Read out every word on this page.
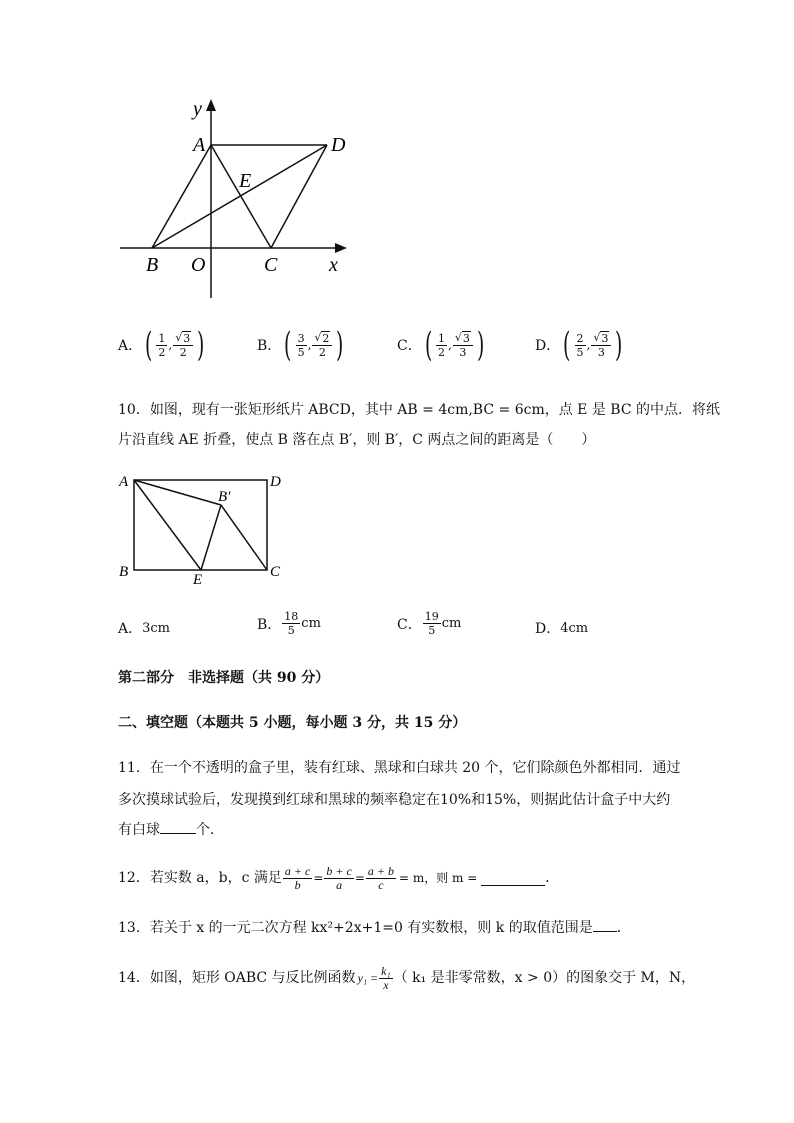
y
A	D
E
B O	C	x
A． ( $\frac{1}{2}$ , $\frac{√ 3}{2}$ )	B． ( $\frac{3}{5}$ , $\frac{√ 2}{2}$ )	C． ( $\frac{1}{2}$ , $\frac{√ 3}{3}$ )	D． ( $\frac{2}{5}$ , $\frac{√ 3}{3}$ )
10．如图，现有一张矩形纸片 ABCD，其中 AB = 4cm,BC = 6cm，点 E 是 BC 的中点．将纸
片沿直线 AE 折叠，使点 B 落在点 B′，则 B′，C 两点之间的距离是（　　）
A	D
B′
B	E	C
A． 3cm	B． $\frac{18}{5}$ cm	C． $\frac{19}{5}$ cm	D． 4cm
第二部分　非选择题（共 90 分）
二、填空题（本题共 5 小题，每小题 3 分，共 15 分）
11．在一个不透明的盒子里，装有红球、黑球和白球共 20 个，它们除颜色外都相同．通过
多次摸球试验后，发现摸到红球和黑球的频率稳定在10%和15%，则据此估计盒子中大约
有白球	个．
12．若实数 a，b，c 满足 $\frac{a + c}{b} = \frac{b + c}{a} = \frac{a + b}{c} = m$，则 m =	．
13．若关于 x 的一元二次方程 kx²+2x+1=0 有实数根，则 k 的取值范围是 ．
14．如图，矩形 OABC 与反比例函数 $y_1 = \frac{\text{k₁}}{x}$ （ k₁ 是非零常数，x > 0）的图象交于 M，N，
